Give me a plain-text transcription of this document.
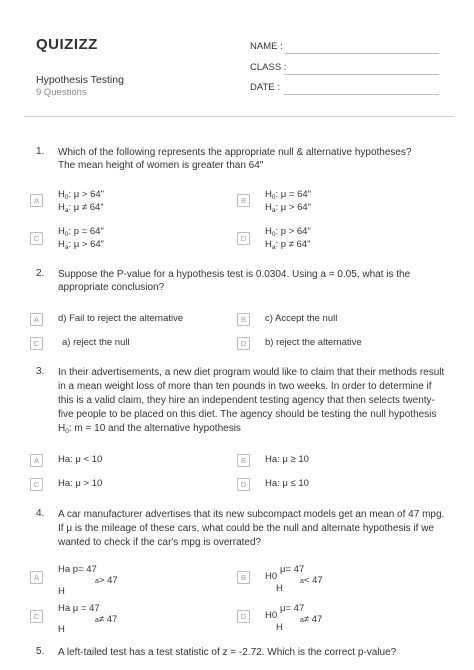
QUIZIZZ
Hypothesis Testing
9 Questions
NAME :
CLASS :
DATE :
1. Which of the following represents the appropriate null & alternative hypotheses?
The mean height of women is greater than 64"
A
$H_0$: μ > 64"
$H_a$: μ ≠ 64"
B
$H_0$: μ = 64"
$H_a$: μ > 64"
C
$H_0$: p = 64"
$H_a$: μ > 64"
D
$H_0$: p > 64"
$H_a$: p ≠ 64"
2. Suppose the P-value for a hypothesis test is 0.0304. Using a = 0.05, what is the
appropriate conclusion?
A	d) Fail to reject the alternative	B	c) Accept the null
C	a) reject the null	D	b) reject the alternative
3. In their advertisements, a new diet program would like to claim that their methods result
in a mean weight loss of more than ten pounds in two weeks. In order to determine if
this is a valid claim, they hire an independent testing agency that then selects twenty-
five people to be placed on this diet. The agency should be testing the null hypothesis
$H_0$: m = 10 and the alternative hypothesis
A	Ha: μ < 10	B	Ha: μ ≥ 10
C	Ha: μ > 10	D	Ha: μ ≤ 10
4. A car manufacturer advertises that its new subcompact models get an mean of 47 mpg.
If μ is the mileage of these cars, what could be the null and alternate hypothesis if we
wanted to check if the car's mpg is overrated?
A
Ha p= 47
a> 47
H
B	H0
μ= 47
H
a< 47
C
Ha μ = 47
a≠ 47
H
D	H0
μ= 47
H
a≠ 47
5. A left-tailed test has a test statistic of z = -2.72. Which is the correct p-value?
